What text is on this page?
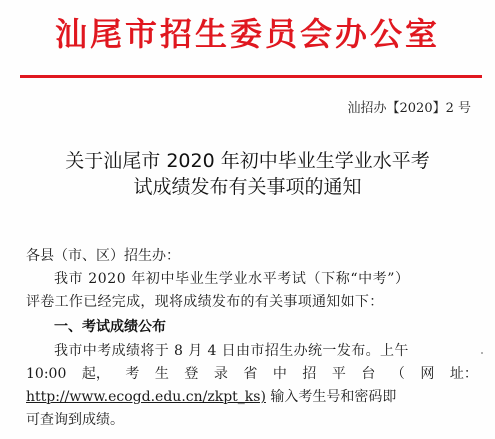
汕尾市招生委员会办公室
汕招办【2020】2 号
关于汕尾市 2020 年初中毕业生学业水平考
试成绩发布有关事项的通知
各县（市、区）招生办：
我市 2020 年初中毕业生学业水平考试（下称“中考”）
评卷工作已经完成，现将成绩发布的有关事项通知如下：
一、考试成绩公布
我市中考成绩将于 8 月 4 日由市招生办统一发布。上午
10:00 起， 考 生 登 录 省 中 招 平 台 （ 网 址：
http://www.ecogd.edu.cn/zkpt_ks) 输入考生号和密码即
可查询到成绩。
